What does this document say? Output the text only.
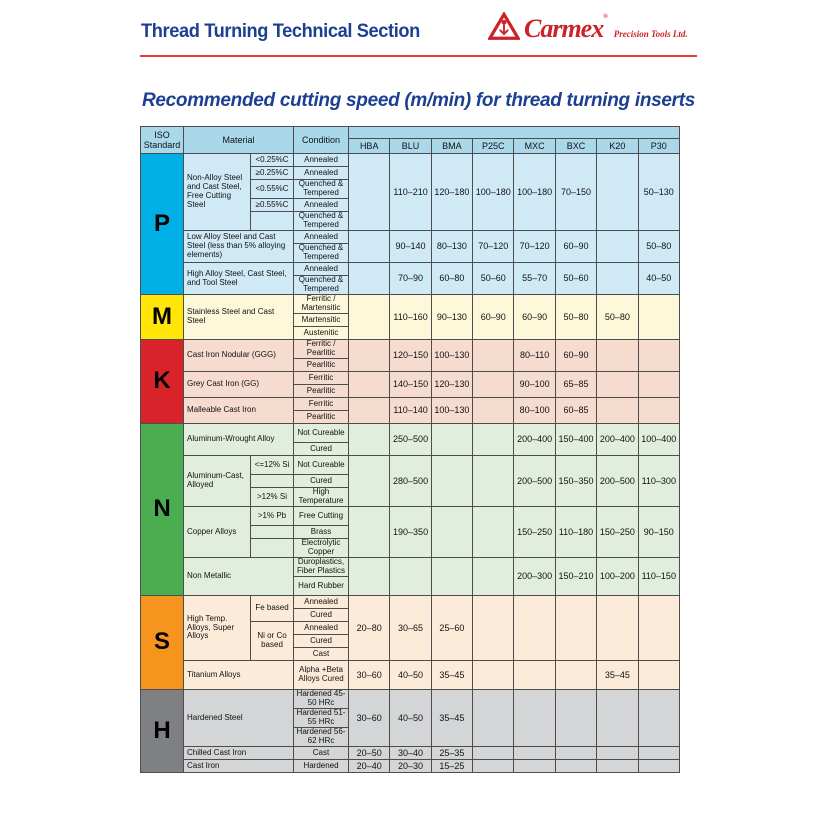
Thread Turning Technical Section	Carmex®
Precision Tools Ltd.
Recommended cutting speed (m/min) for thread turning inserts
ISO Standard	Material		Condition								
				HBA	BLU	BMA	P25C	MXC	BXC	K20	P30
P	Non-Alloy Steel and Cast Steel, Free Cutting Steel	<0.25%C	Annealed		110–210	120–180	100–180	100–180	70–150		50–130
		≥0.25%C	Annealed								
		<0.55%C	Quenched & Tempered								
		≥0.55%C	Annealed								
			Quenched & Tempered								
	Low Alloy Steel and Cast Steel (less than 5% alloying elements)		Annealed		90–140	80–130	70–120	70–120	60–90		50–80
			Quenched & Tempered								
	High Alloy Steel, Cast Steel, and Tool Steel		Annealed		70–90	60–80	50–60	55–70	50–60		40–50
			Quenched & Tempered								
M	Stainless Steel and Cast Steel		Ferritic / Martensitic		110–160	90–130	60–90	60–90	50–80	50–80	
			Martensitic								
			Austenitic								
K	Cast Iron Nodular (GGG)		Ferritic / Pearlitic		120–150	100–130		80–110	60–90		
			Pearlitic								
	Grey Cast Iron (GG)		Ferritic		140–150	120–130		90–100	65–85		
			Pearlitic								
	Malleable Cast Iron		Ferritic		110–140	100–130		80–100	60–85		
			Pearlitic								
N	Aluminum-Wrought Alloy		Not Cureable		250–500			200–400	150–400	200–400	100–400
			Cured								
	Aluminum-Cast, Alloyed	<=12% Si	Not Cureable		280–500			200–500	150–350	200–500	110–300
			Cured								
		>12% Si	High Temperature								
	Copper Alloys	>1% Pb	Free Cutting		190–350			150–250	110–180	150–250	90–150
			Brass								
			Electrolytic Copper								
	Non Metallic		Duroplastics, Fiber Plastics					200–300	150–210	100–200	110–150
			Hard Rubber								
S	High Temp. Alloys, Super Alloys	Fe based	Annealed	20–80	30–65	25–60					
			Cured								
		Ni or Co based	Annealed								
			Cured								
			Cast								
	Titanium Alloys		Alpha +Beta Alloys Cured	30–60	40–50	35–45				35–45	
H	Hardened Steel		Hardened 45-50 HRc	30–60	40–50	35–45					
			Hardened 51-55 HRc								
			Hardened 56-62 HRc								
	Chilled Cast Iron		Cast	20–50	30–40	25–35					
	Cast Iron		Hardened	20–40	20–30	15–25					
